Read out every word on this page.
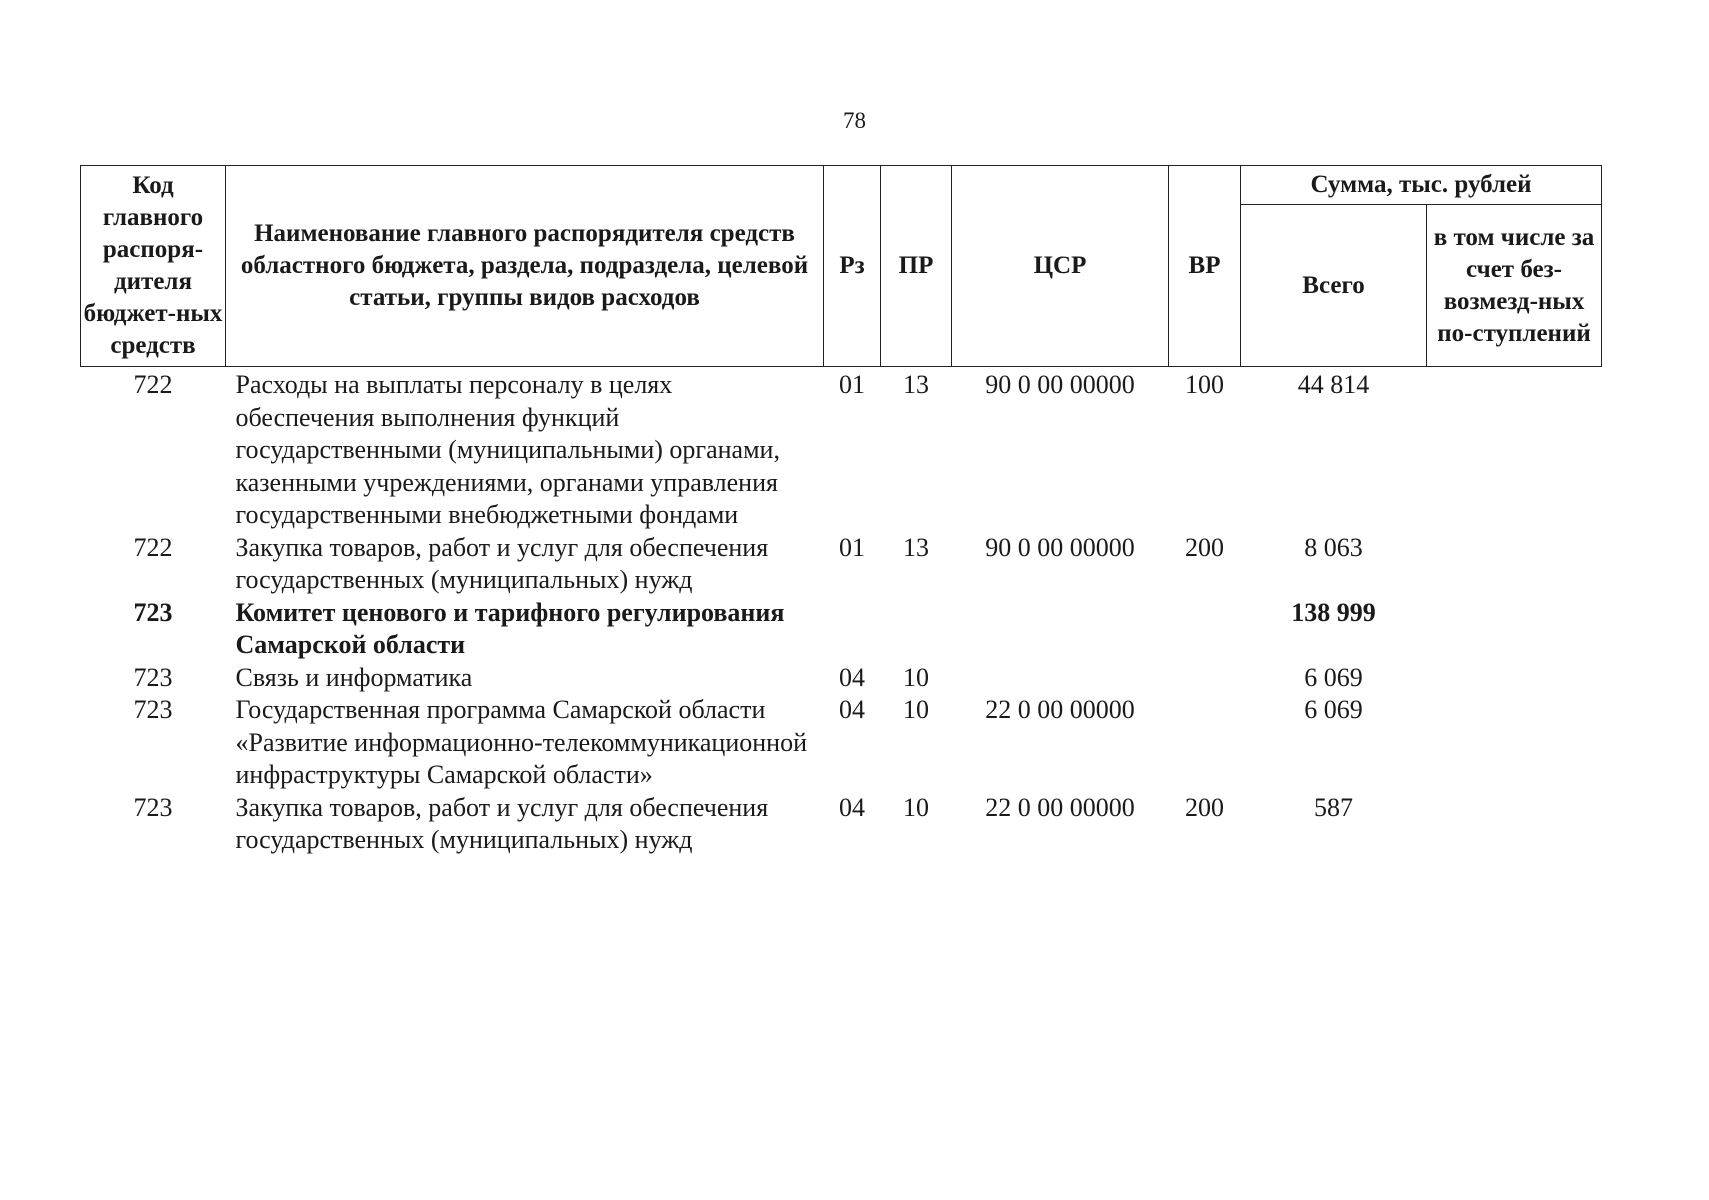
78
Код главного распоря-дителя бюджет-ных средств	Наименование главного распорядителя средств областного бюджета, раздела, подраздела, целевой статьи, группы видов расходов	Рз	ПР	ЦСР	ВР	Сумма, тыс. рублей	
						Всего	в том числе за счет без-возмезд-ных по-ступлений
722	Расходы на выплаты персоналу в целях обеспечения выполнения функций государственными (муниципальными) органами, казенными учреждениями, органами управления государственными внебюджетными фондами	01	13	90 0 00 00000	100	44 814	
722	Закупка товаров, работ и услуг для обеспечения государственных (муниципальных) нужд	01	13	90 0 00 00000	200	8 063	
723	Комитет ценового и тарифного регулирования Самарской области					138 999	
723	Связь и информатика	04	10			6 069	
723	Государственная программа Самарской области «Развитие информационно-телекоммуникационной инфраструктуры Самарской области»	04	10	22 0 00 00000		6 069	
723	Закупка товаров, работ и услуг для обеспечения государственных (муниципальных) нужд	04	10	22 0 00 00000	200	587	
